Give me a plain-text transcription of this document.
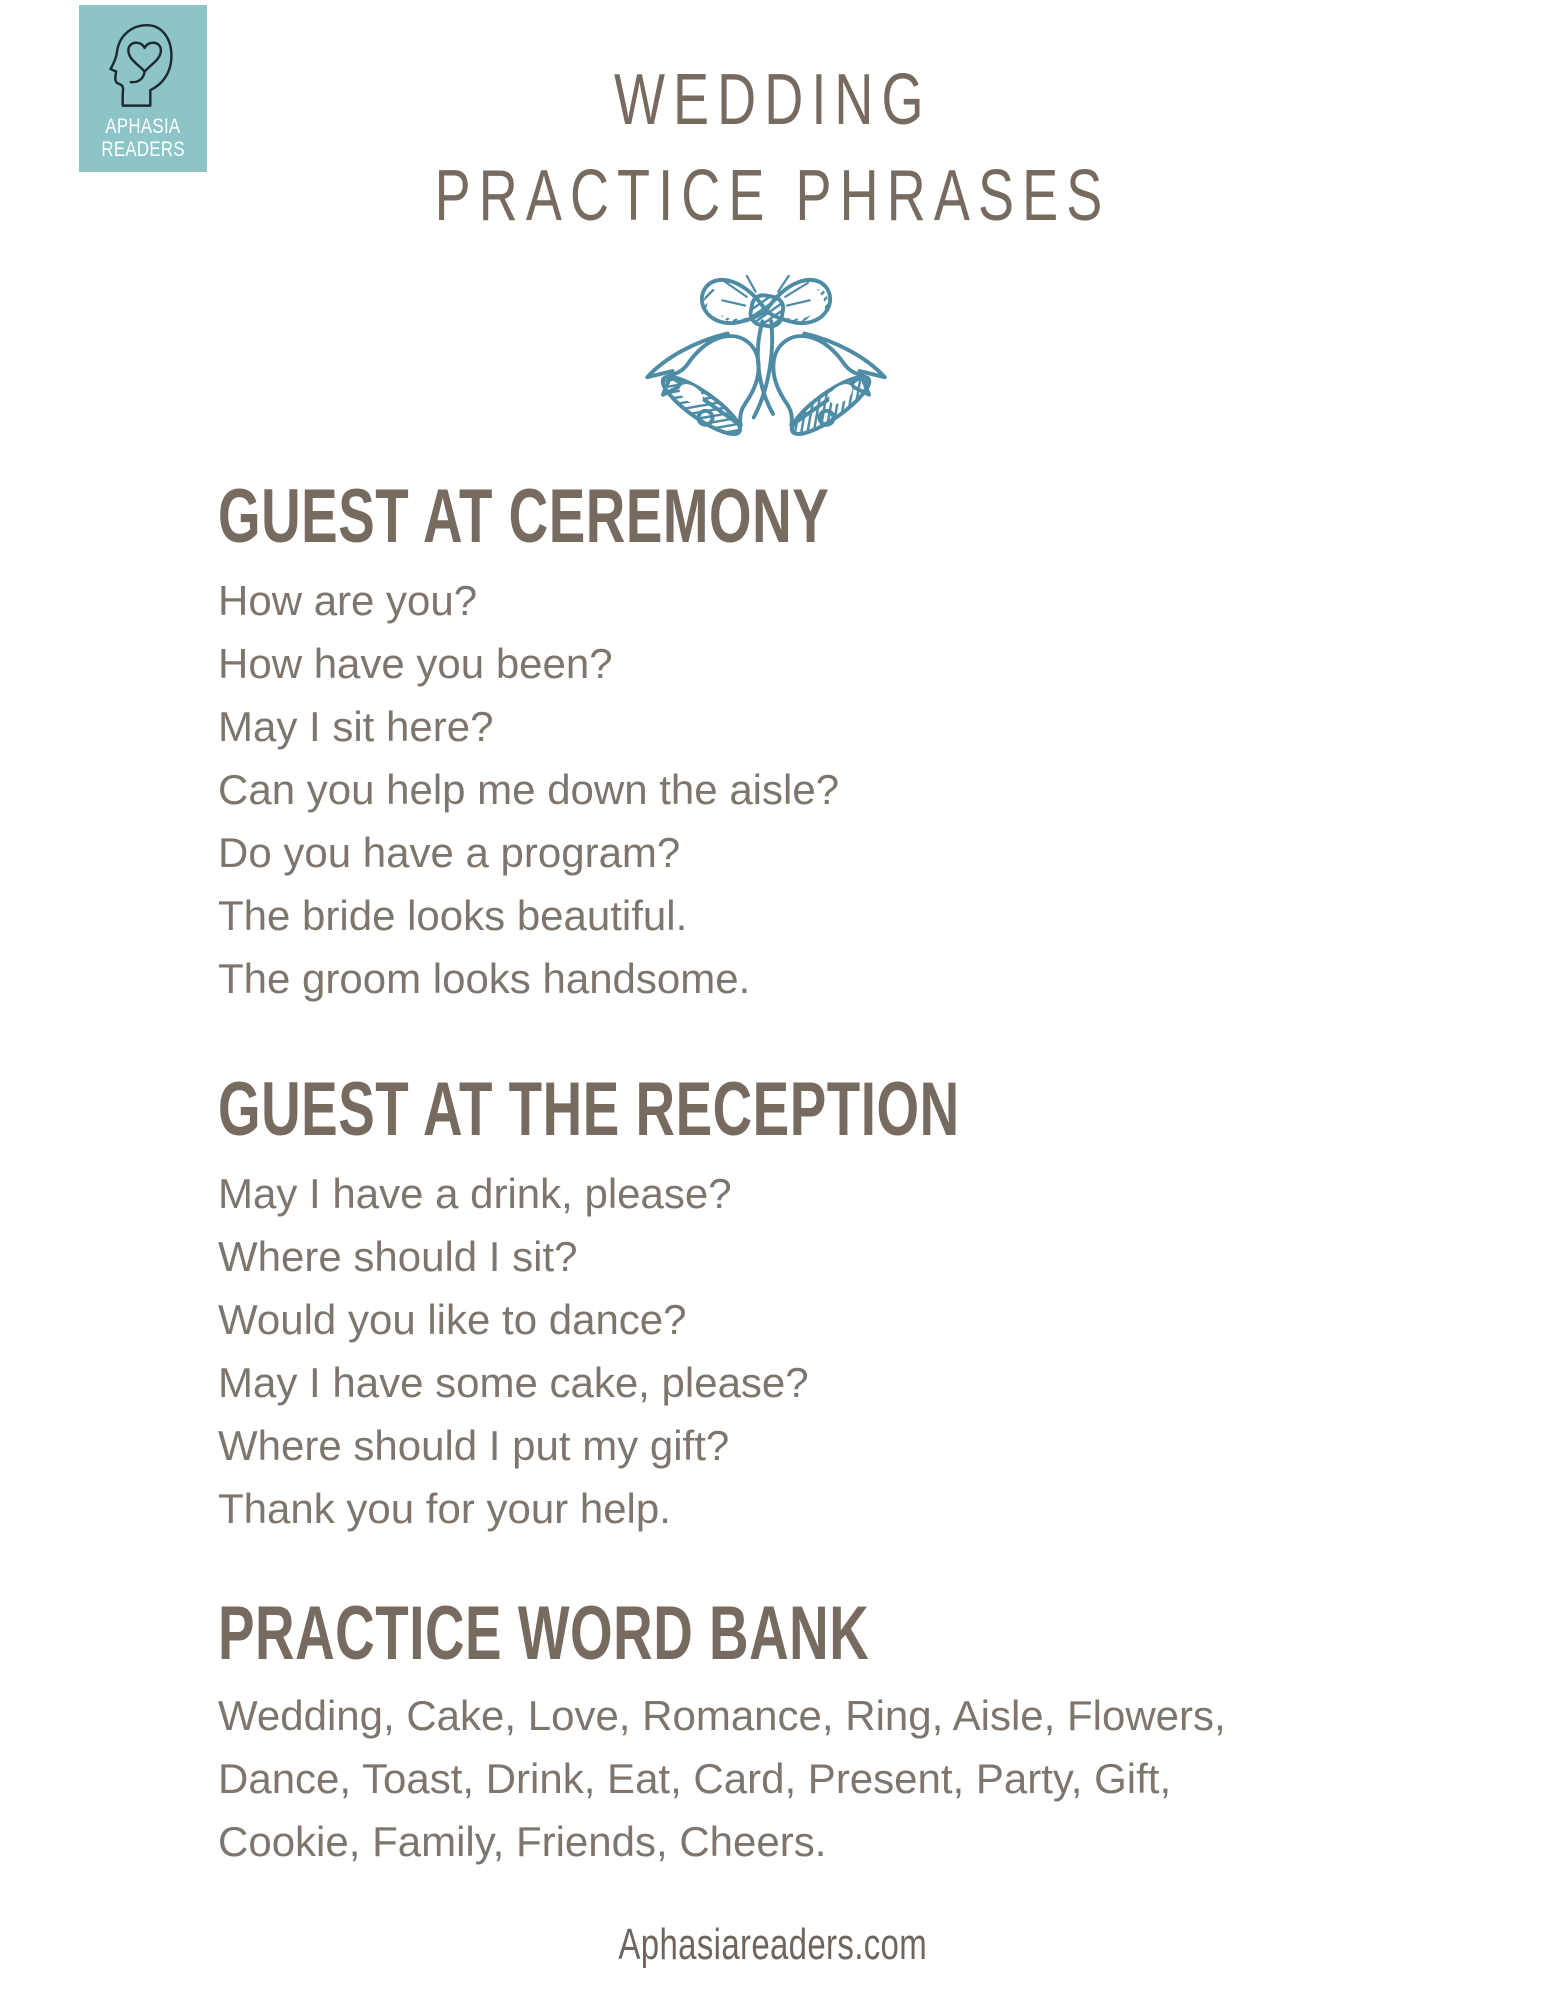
APHASIA
READERS
WEDDING
PRACTICE PHRASES
GUEST AT CEREMONY

How are you?

How have you been?

May I sit here?

Can you help me down the aisle?

Do you have a program?

The bride looks beautiful.

The groom looks handsome.

GUEST AT THE RECEPTION

May I have a drink, please?

Where should I sit?

Would you like to dance?

May I have some cake, please?

Where should I put my gift?

Thank you for your help.

PRACTICE WORD BANK

Wedding, Cake, Love, Romance, Ring, Aisle, Flowers,

Dance, Toast, Drink, Eat, Card, Present, Party, Gift,

Cookie, Family, Friends, Cheers.

Aphasiareaders.com
